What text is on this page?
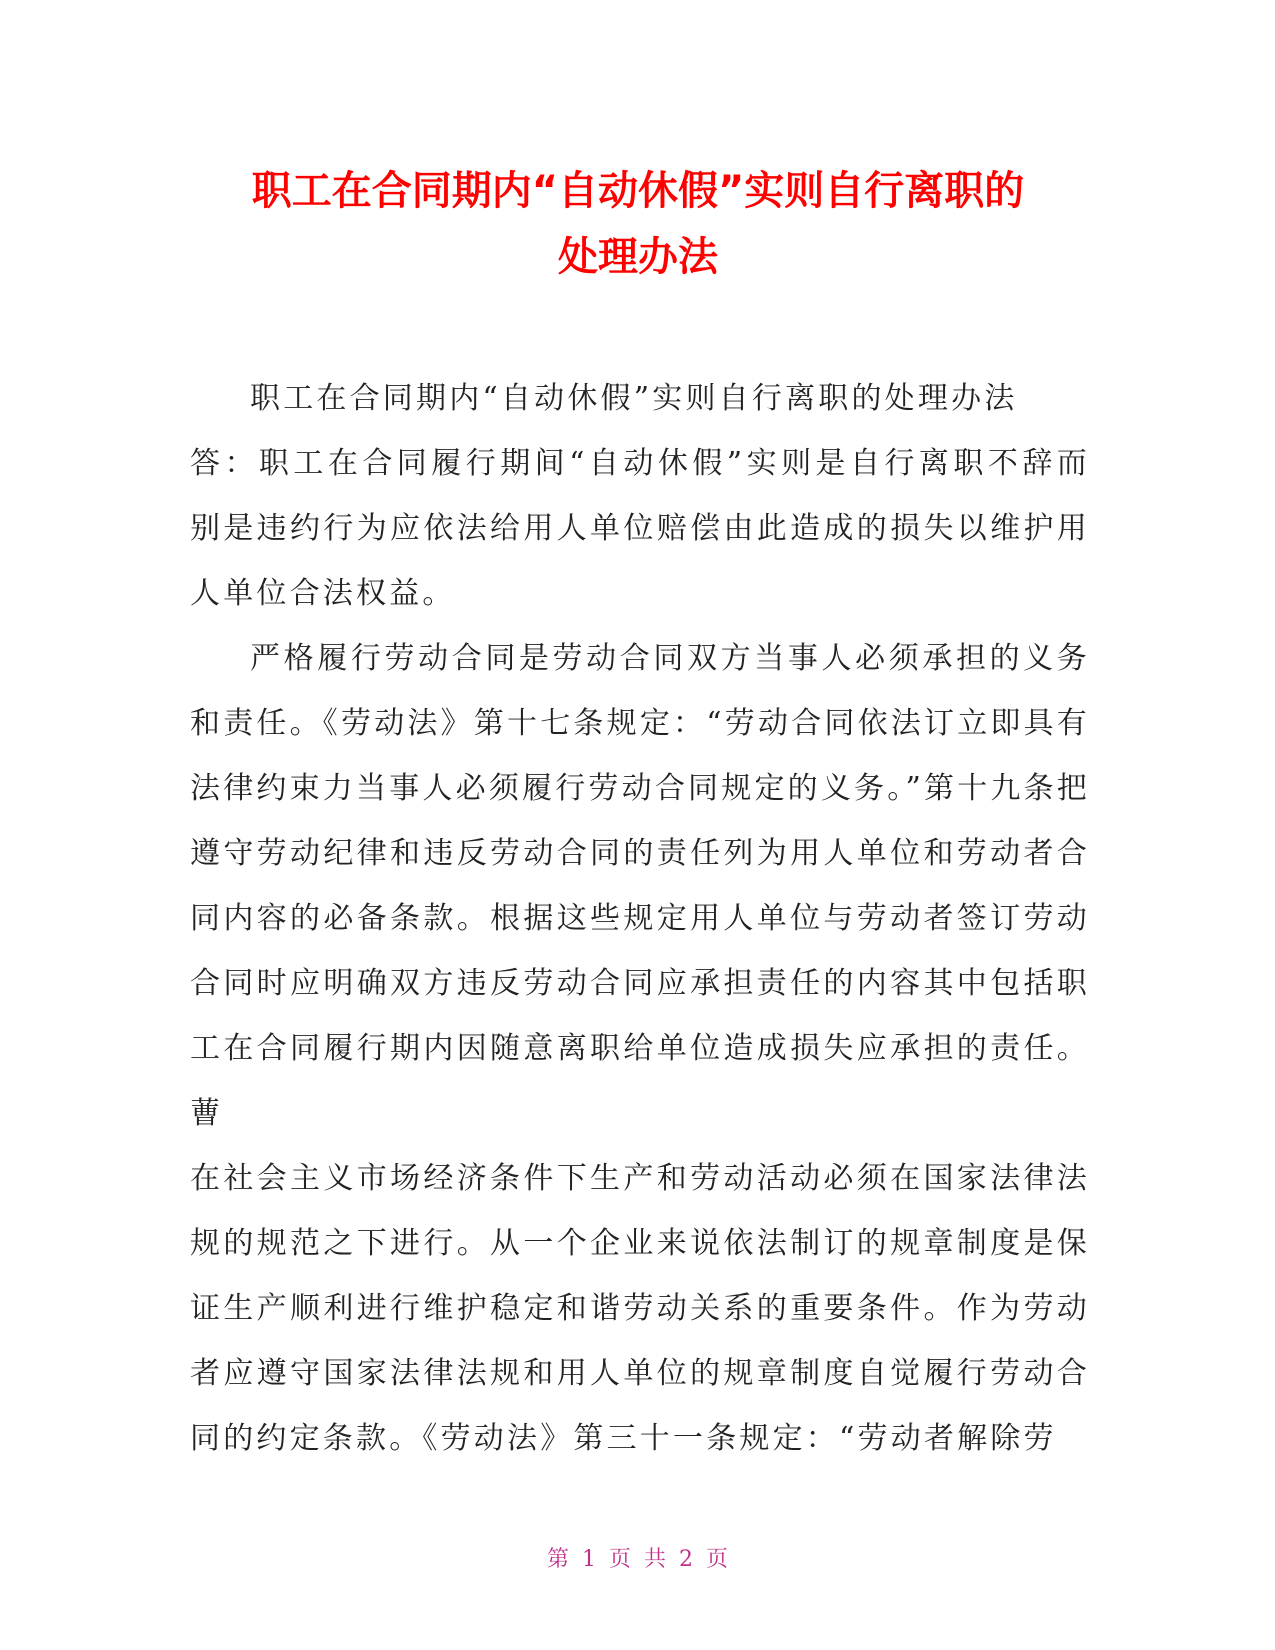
职工在合同期内“自动休假”实则自行离职的
处理办法

职工在合同期内“自动休假”实则自行离职的处理办法

答：职工在合同履行期间“自动休假”实则是自行离职不辞而别是违约行为应依法给用人单位赔偿由此造成的损失以维护用人单位合法权益。

严格履行劳动合同是劳动合同双方当事人必须承担的义务和责任。《劳动法》第十七条规定：“劳动合同依法订立即具有法律约束力当事人必须履行劳动合同规定的义务。”第十九条把遵守劳动纪律和违反劳动合同的责任列为用人单位和劳动者合同内容的必备条款。根据这些规定用人单位与劳动者签订劳动合同时应明确双方违反劳动合同应承担责任的内容其中包括职工在合同履行期内因随意离职给单位造成损失应承担的责任。蓸

在社会主义市场经济条件下生产和劳动活动必须在国家法律法规的规范之下进行。从一个企业来说依法制订的规章制度是保证生产顺利进行维护稳定和谐劳动关系的重要条件。作为劳动者应遵守国家法律法规和用人单位的规章制度自觉履行劳动合同的约定条款。《劳动法》第三十一条规定：“劳动者解除劳

第 1 页 共 2 页
